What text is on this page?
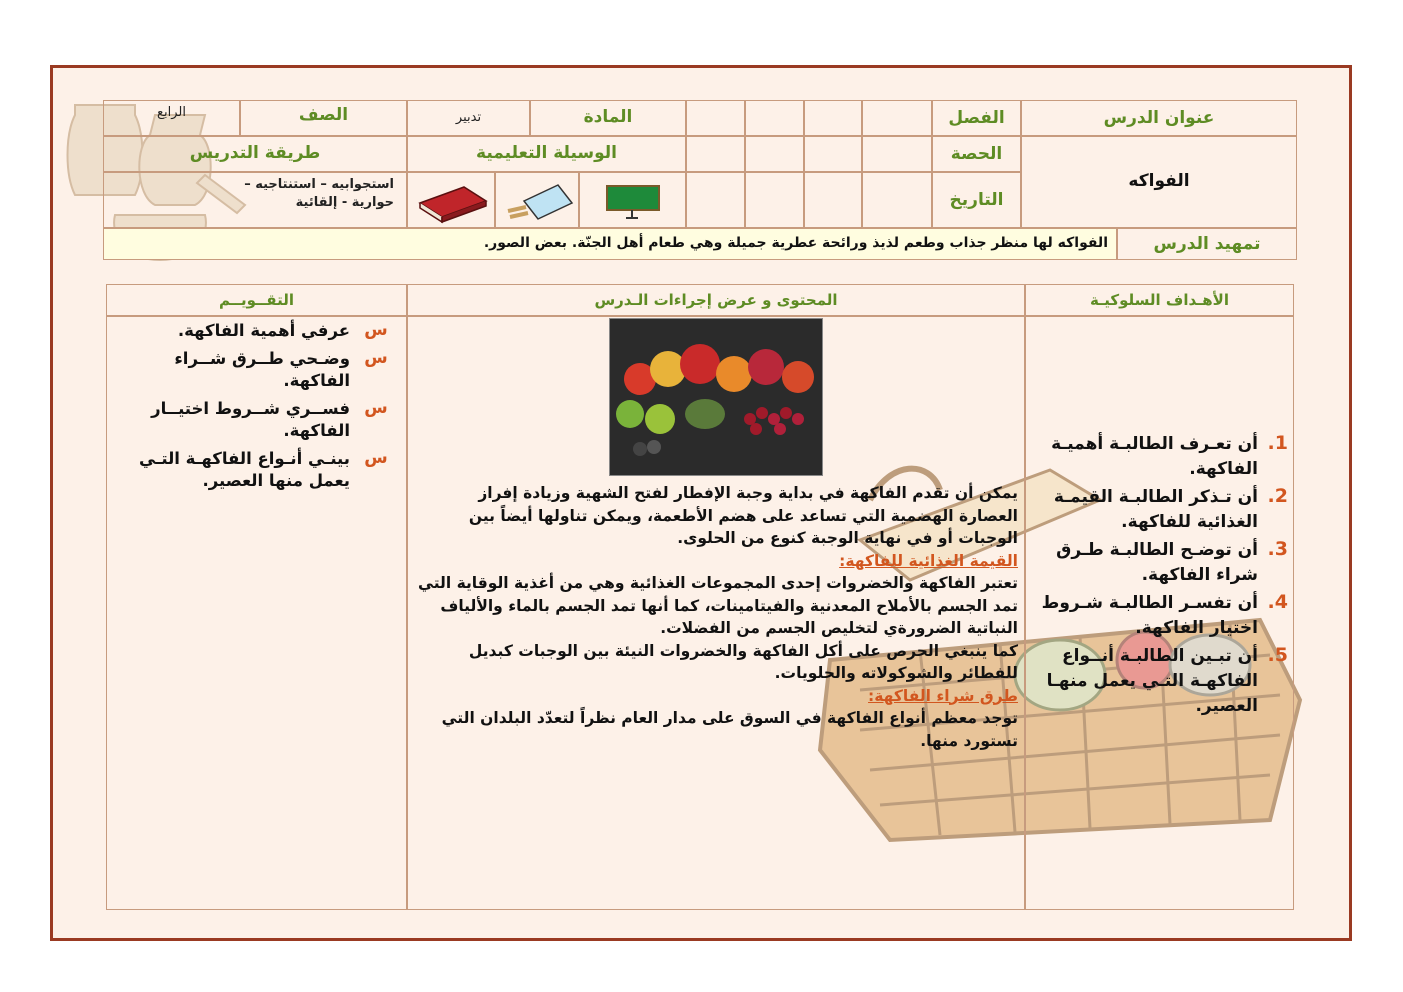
عنوان الدرس
الفواكه
الفصل
الحصة
التاريخ
المادة
تدبير
الصف
الرابع
الوسيلة التعليمية
طريقة التدريس
استجوابيه – استنتاجيه – حوارية - إلقائية
تمهيد الدرس
الفواكه لها منظر جذاب وطعم لذيذ ورائحة عطرية جميلة وهي طعام أهل الجنّة. بعض الصور.
الأهـداف السلوكيـة
المحتوى و عرض إجراءات الـدرس
التقــويــم
1.
أن تعـرف الطالبـة أهميـة الفاكهة.
2.
أن تـذكر الطالبـة القيمـة الغذائية للفاكهة.
3.
أن توضـح الطالبـة طـرق شراء الفاكهة.
4.
أن تفسـر الطالبـة شـروط اختيار الفاكهة.
5.
أن تبـين الطالبـة أنــواع الفاكهـة التـي يعمل منهـا العصير.

يمكن أن تقدم الفاكهة في بداية وجبة الإفطار لفتح الشهية وزيادة إفراز العصارة الهضمية التي تساعد على هضم الأطعمة، ويمكن تناولها أيضاً بين الوجبات أو في نهاية الوجبة كنوع من الحلوى.

القيمة الغذائية للفاكهة:

تعتبر الفاكهة والخضروات إحدى المجموعات الغذائية وهي من أغذية الوقاية التي تمد الجسم بالأملاح المعدنية والفيتامينات، كما أنها تمد الجسم بالماء والألياف النباتية الضرورةي لتخليص الجسم من الفضلات.

كما ينبغي الحرص على أكل الفاكهة والخضروات النيئة بين الوجبات كبديل للفطائر والشوكولاته والحلويات.

طرق شراء الفاكهة:

توجد معظم أنواع الفاكهة في السوق على مدار العام نظراً لتعدّد البلدان التي تستورد منها.

س
عرفي أهمية الفاكهة.
س
وضـحي طــرق شــراء الفاكهة.
س
فســري شــروط اختيــار الفاكهة.
س
بينـي أنـواع الفاكهـة التـي يعمل منها العصير.
